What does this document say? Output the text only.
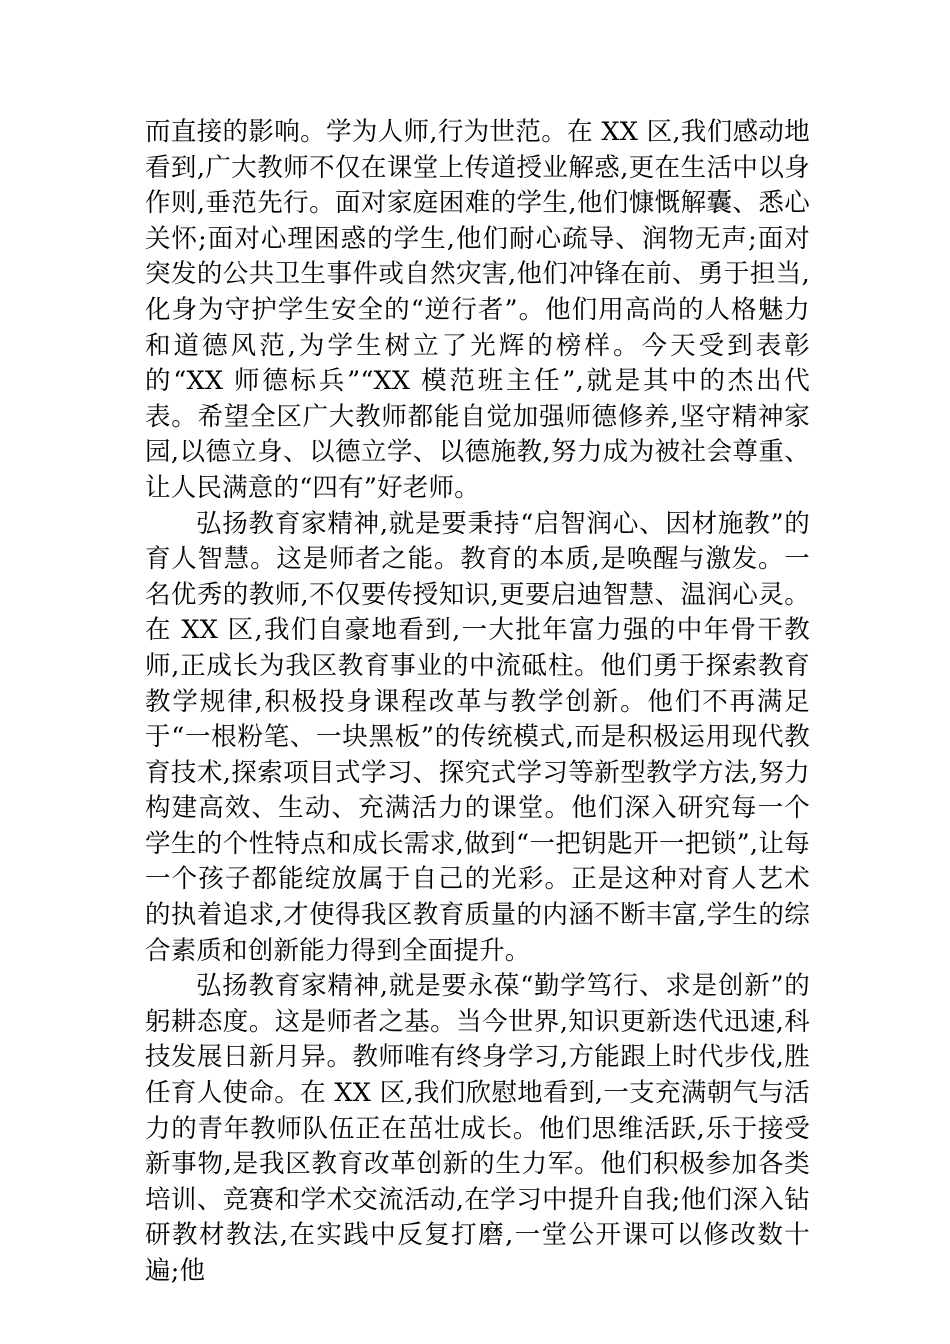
而直接的影响。学为人师,行为世范。在 XX 区,我们感动地看到,广大教师不仅在课堂上传道授业解惑,更在生活中以身作则,垂范先行。面对家庭困难的学生,他们慷慨解囊、悉心关怀;面对心理困惑的学生,他们耐心疏导、润物无声;面对突发的公共卫生事件或自然灾害,他们冲锋在前、勇于担当,化身为守护学生安全的“逆行者”。他们用高尚的人格魅力和道德风范,为学生树立了光辉的榜样。今天受到表彰的“XX 师德标兵”“XX 模范班主任”,就是其中的杰出代表。希望全区广大教师都能自觉加强师德修养,坚守精神家园,以德立身、以德立学、以德施教,努力成为被社会尊重、让人民满意的“四有”好老师。

弘扬教育家精神,就是要秉持“启智润心、因材施教”的育人智慧。这是师者之能。教育的本质,是唤醒与激发。一名优秀的教师,不仅要传授知识,更要启迪智慧、温润心灵。在 XX 区,我们自豪地看到,一大批年富力强的中年骨干教师,正成长为我区教育事业的中流砥柱。他们勇于探索教育教学规律,积极投身课程改革与教学创新。他们不再满足于“一根粉笔、一块黑板”的传统模式,而是积极运用现代教育技术,探索项目式学习、探究式学习等新型教学方法,努力构建高效、生动、充满活力的课堂。他们深入研究每一个学生的个性特点和成长需求,做到“一把钥匙开一把锁”,让每一个孩子都能绽放属于自己的光彩。正是这种对育人艺术的执着追求,才使得我区教育质量的内涵不断丰富,学生的综合素质和创新能力得到全面提升。

弘扬教育家精神,就是要永葆“勤学笃行、求是创新”的躬耕态度。这是师者之基。当今世界,知识更新迭代迅速,科技发展日新月异。教师唯有终身学习,方能跟上时代步伐,胜任育人使命。在 XX 区,我们欣慰地看到,一支充满朝气与活力的青年教师队伍正在茁壮成长。他们思维活跃,乐于接受新事物,是我区教育改革创新的生力军。他们积极参加各类培训、竞赛和学术交流活动,在学习中提升自我;他们深入钻研教材教法,在实践中反复打磨,一堂公开课可以修改数十遍;他
